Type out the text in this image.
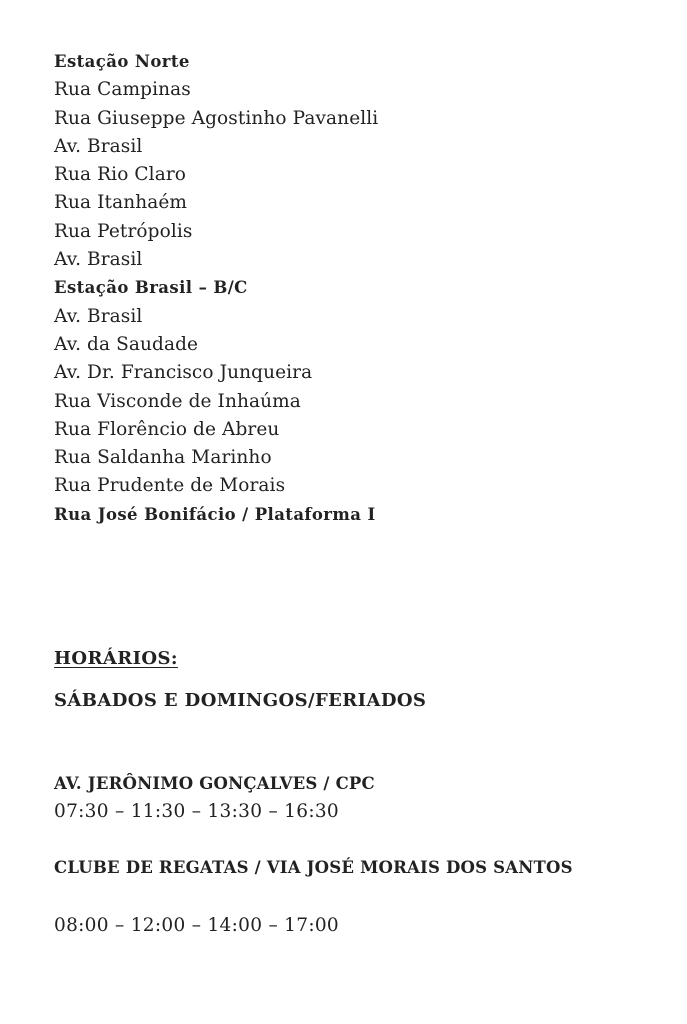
Estação Norte
Rua Campinas
Rua Giuseppe Agostinho Pavanelli
Av. Brasil
Rua Rio Claro
Rua Itanhaém
Rua Petrópolis
Av. Brasil
Estação Brasil – B/C
Av. Brasil
Av. da Saudade
Av. Dr. Francisco Junqueira
Rua Visconde de Inhaúma
Rua Florêncio de Abreu
Rua Saldanha Marinho
Rua Prudente de Morais
Rua José Bonifácio / Plataforma I
HORÁRIOS:
SÁBADOS E DOMINGOS/FERIADOS

AV. JERÔNIMO GONÇALVES / CPC

07:30 – 11:30 – 13:30 – 16:30

CLUBE DE REGATAS / VIA JOSÉ MORAIS DOS SANTOS

08:00 – 12:00 – 14:00 – 17:00
